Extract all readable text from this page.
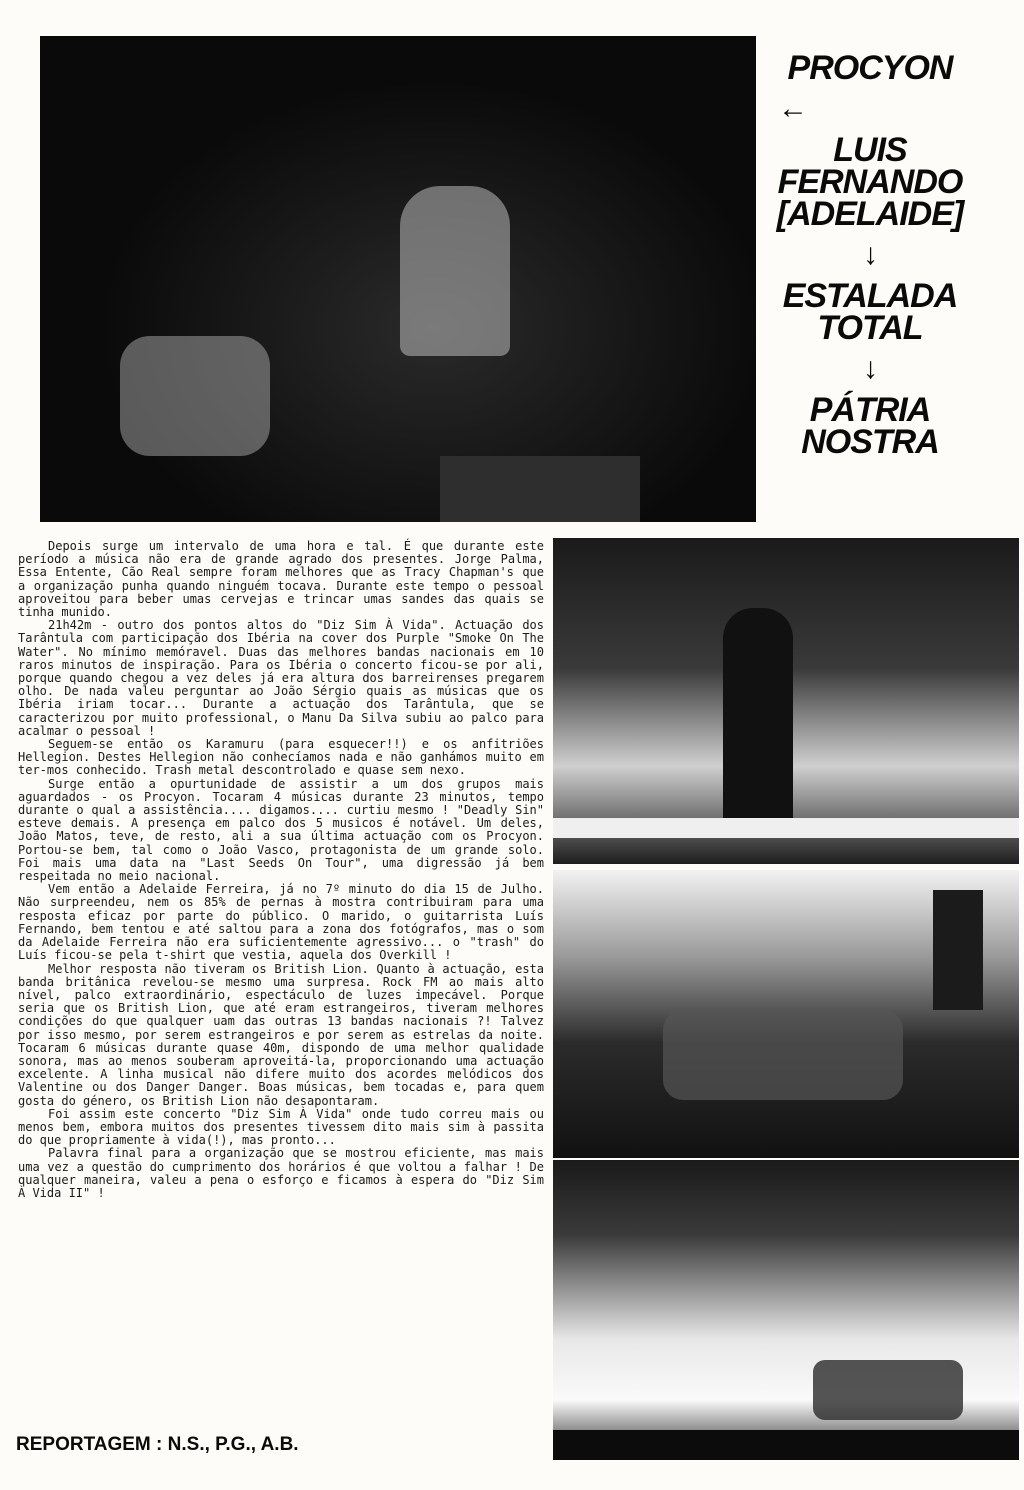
PROCYON
←
LUIS
FERNANDO
[ADELAIDE]
↓
ESTALADA
TOTAL
↓
PÁTRIA
NOSTRA

Depois surge um intervalo de uma hora e tal. É que durante este período a música não era de grande agrado dos presentes. Jorge Palma, Essa Entente, Cão Real sempre foram melhores que as Tracy Chapman's que a organização punha quando ninguém tocava. Durante este tempo o pessoal aproveitou para beber umas cervejas e trincar umas sandes das quais se tinha munido.

21h42m - outro dos pontos altos do "Diz Sim À Vida". Actuação dos Tarântula com participação dos Ibéria na cover dos Purple "Smoke On The Water". No mínimo memóravel. Duas das melhores bandas nacionais em 10 raros minutos de inspiração. Para os Ibéria o concerto ficou-se por ali, porque quando chegou a vez deles já era altura dos barreirenses pregarem olho. De nada valeu perguntar ao João Sérgio quais as músicas que os Ibéria iriam tocar... Durante a actuação dos Tarântula, que se caracterizou por muito professional, o Manu Da Silva subiu ao palco para acalmar o pessoal !

Seguem-se então os Karamuru (para esquecer!!) e os anfitriões Hellegion. Destes Hellegion não conhecíamos nada e não ganhámos muito em ter-mos conhecido. Trash metal descontrolado e quase sem nexo.

Surge então a opurtunidade de assistir a um dos grupos mais aguardados - os Procyon. Tocaram 4 músicas durante 23 minutos, tempo durante o qual a assistência.... digamos.... curtiu mesmo ! "Deadly Sin" esteve demais. A presença em palco dos 5 musicos é notável. Um deles, João Matos, teve, de resto, ali a sua última actuação com os Procyon. Portou-se bem, tal como o João Vasco, protagonista de um grande solo. Foi mais uma data na "Last Seeds On Tour", uma digressão já bem respeitada no meio nacional.

Vem então a Adelaide Ferreira, já no 7º minuto do dia 15 de Julho. Não surpreendeu, nem os 85% de pernas à mostra contribuiram para uma resposta eficaz por parte do público. O marido, o guitarrista Luís Fernando, bem tentou e até saltou para a zona dos fotógrafos, mas o som da Adelaide Ferreira não era suficientemente agressivo... o "trash" do Luís ficou-se pela t-shirt que vestia, aquela dos Overkill !

Melhor resposta não tiveram os British Lion. Quanto à actuação, esta banda britânica revelou-se mesmo uma surpresa. Rock FM ao mais alto nível, palco extraordinário, espectáculo de luzes impecável. Porque seria que os British Lion, que até eram estrangeiros, tiveram melhores condições do que qualquer uam das outras 13 bandas nacionais ?! Talvez por isso mesmo, por serem estrangeiros e por serem as estrelas da noite. Tocaram 6 músicas durante quase 40m, dispondo de uma melhor qualidade sonora, mas ao menos souberam aproveitá-la, proporcionando uma actuação excelente. A linha musical não difere muito dos acordes melódicos dos Valentine ou dos Danger Danger. Boas músicas, bem tocadas e, para quem gosta do género, os British Lion não desapontaram.

Foi assim este concerto "Diz Sim À Vida" onde tudo correu mais ou menos bem, embora muitos dos presentes tivessem dito mais sim à passita do que propriamente à vida(!), mas pronto...

Palavra final para a organização que se mostrou eficiente, mas mais uma vez a questão do cumprimento dos horários é que voltou a falhar ! De qualquer maneira, valeu a pena o esforço e ficamos à espera do "Diz Sim À Vida II" !

REPORTAGEM : N.S., P.G., A.B.
